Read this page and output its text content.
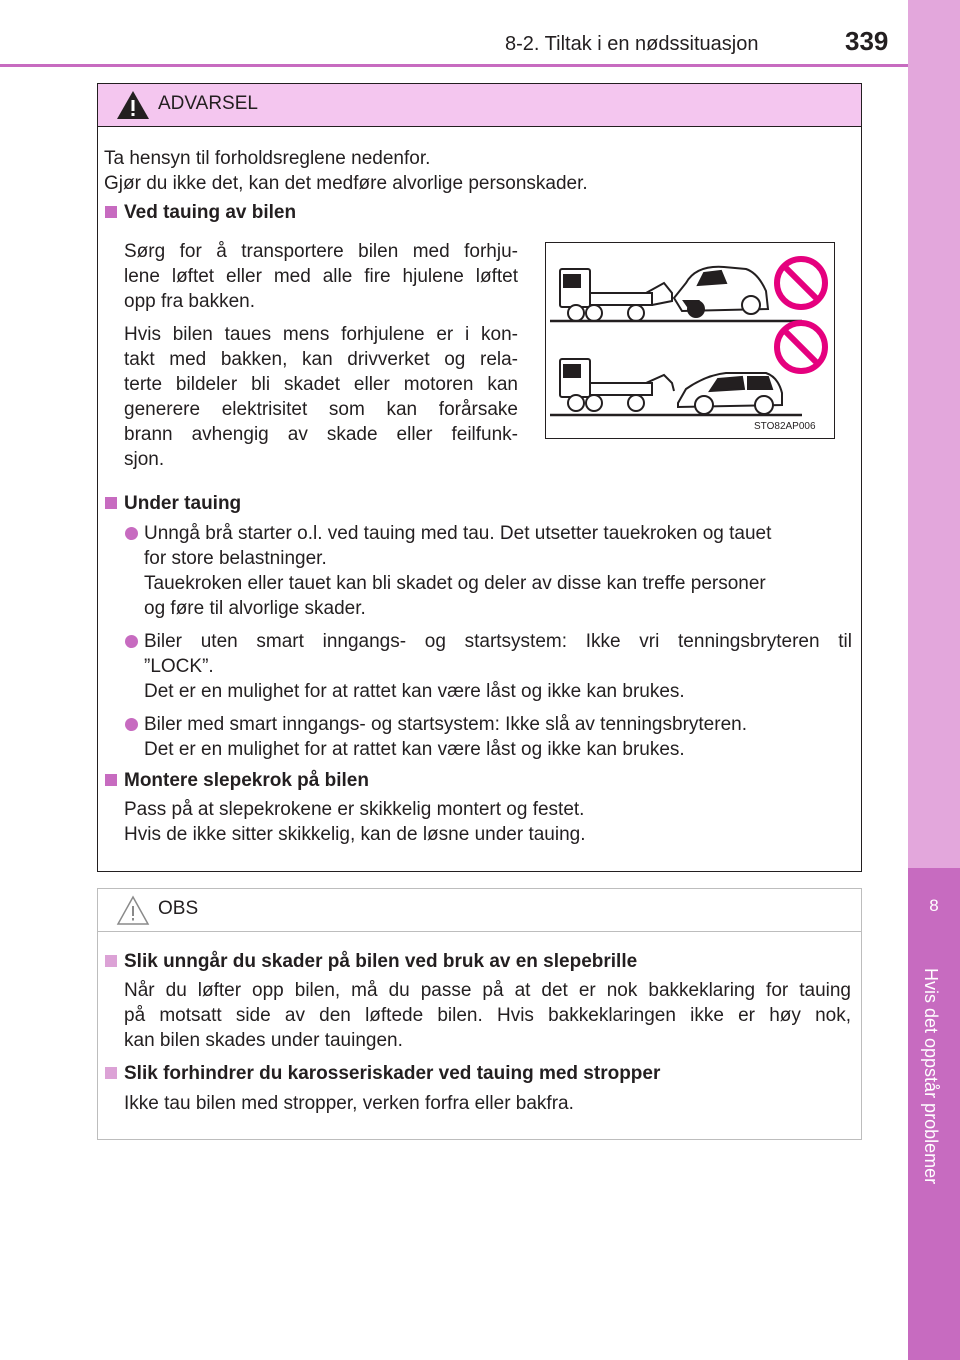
8-2. Tiltak i en nødssituasjon	339
8
Hvis det oppstår problemer
ADVARSEL
Ta hensyn til forholdsreglene nedenfor.
Gjør du ikke det, kan det medføre alvorlige personskader.
Ved tauing av bilen
Sørg for å transportere bilen med forhju-
lene løftet eller med alle fire hjulene løftet
opp fra bakken.
Hvis bilen taues mens forhjulene er i kon-
takt med bakken, kan drivverket og rela-
terte bildeler bli skadet eller motoren kan
generere elektrisitet som kan forårsake
brann avhengig av skade eller feilfunk-
sjon.
STO82AP006
Under tauing
Unngå brå starter o.l. ved tauing med tau. Det utsetter tauekroken og tauet
for store belastninger.
Tauekroken eller tauet kan bli skadet og deler av disse kan treffe personer
og føre til alvorlige skader.
Biler uten smart inngangs- og startsystem: Ikke vri tenningsbryteren til
”LOCK”.
Det er en mulighet for at rattet kan være låst og ikke kan brukes.
Biler med smart inngangs- og startsystem: Ikke slå av tenningsbryteren.
Det er en mulighet for at rattet kan være låst og ikke kan brukes.
Montere slepekrok på bilen
Pass på at slepekrokene er skikkelig montert og festet.
Hvis de ikke sitter skikkelig, kan de løsne under tauing.
OBS
Slik unngår du skader på bilen ved bruk av en slepebrille
Når du løfter opp bilen, må du passe på at det er nok bakkeklaring for tauing
på motsatt side av den løftede bilen. Hvis bakkeklaringen ikke er høy nok,
kan bilen skades under tauingen.
Slik forhindrer du karosseriskader ved tauing med stropper
Ikke tau bilen med stropper, verken forfra eller bakfra.
